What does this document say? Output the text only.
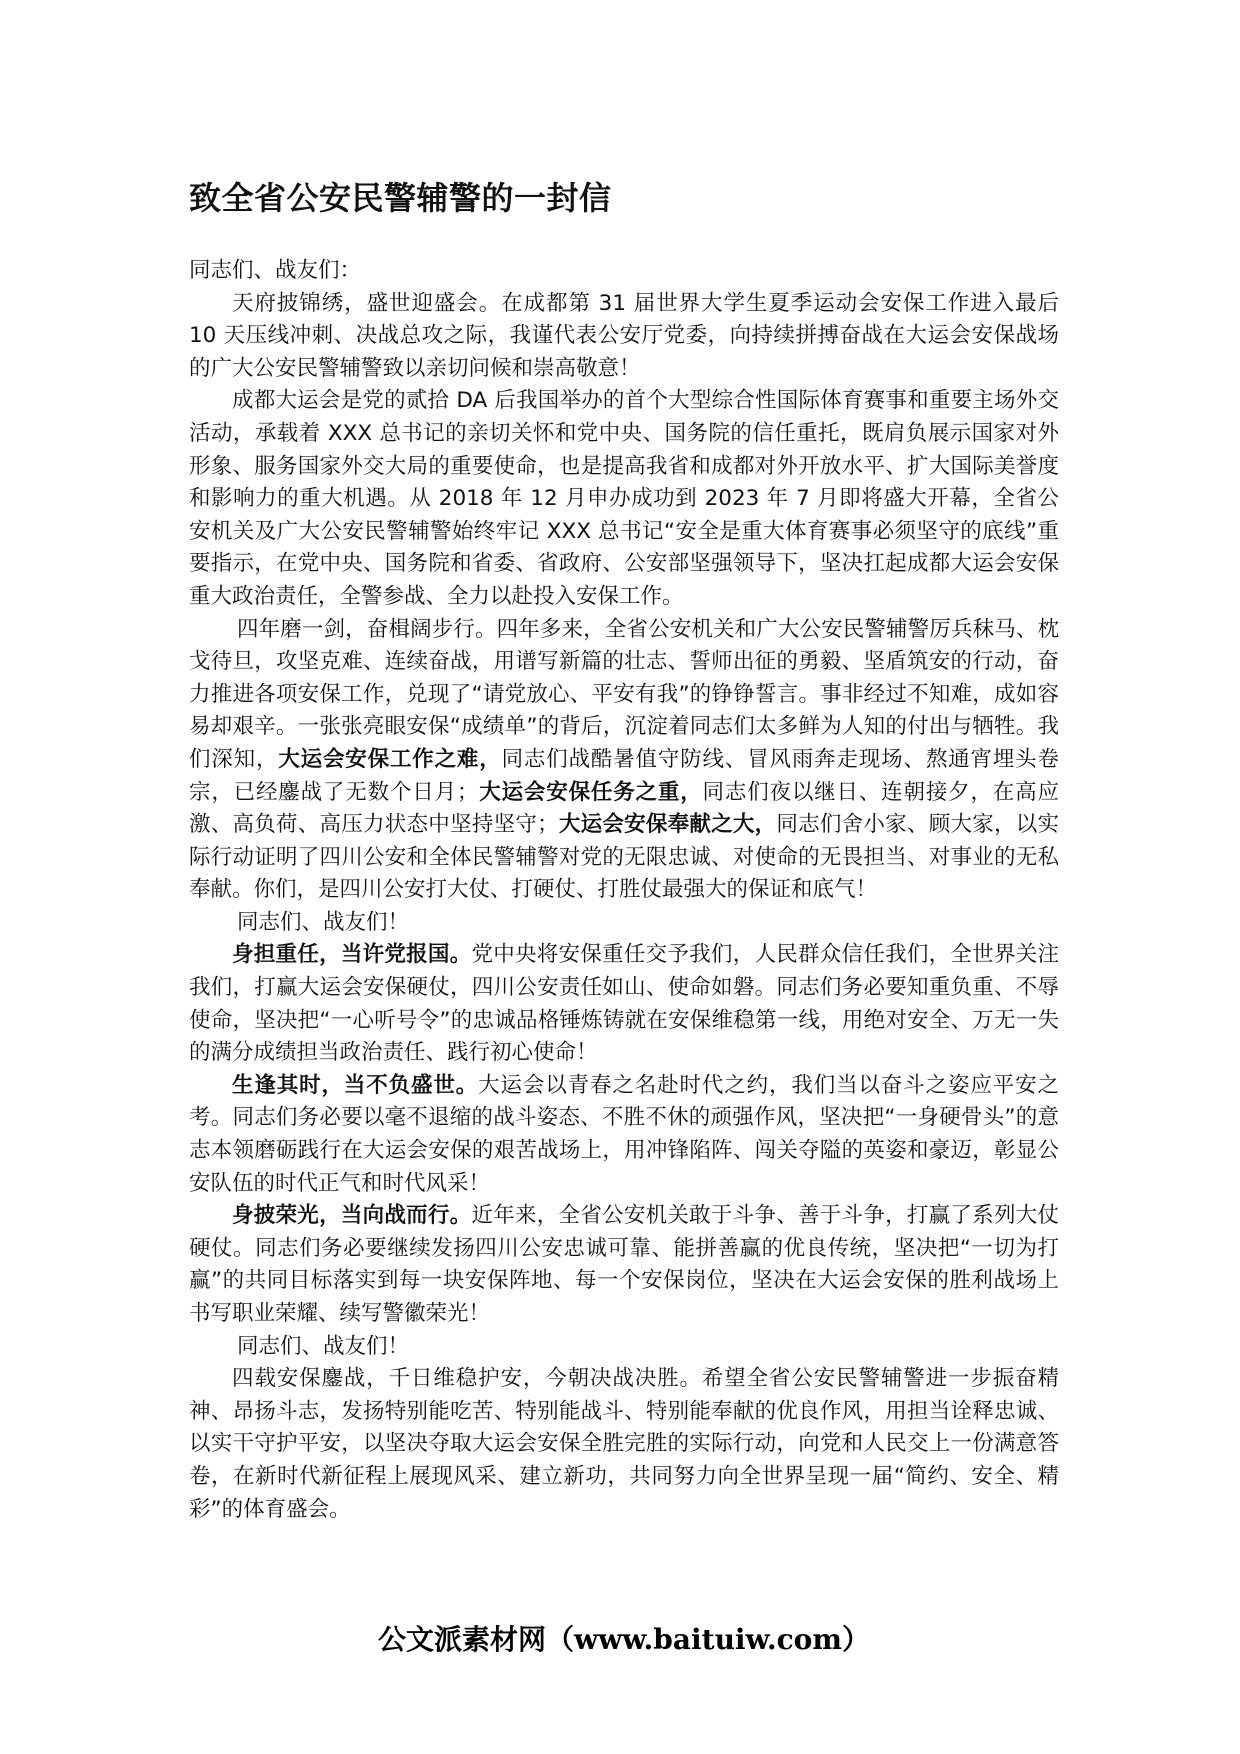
致全省公安民警辅警的一封信

同志们、战友们：

天府披锦绣，盛世迎盛会。在成都第 31 届世界大学生夏季运动会安保工作进入最后 10 天压线冲刺、决战总攻之际，我谨代表公安厅党委，向持续拼搏奋战在大运会安保战场的广大公安民警辅警致以亲切问候和崇高敬意！

成都大运会是党的贰拾 DA 后我国举办的首个大型综合性国际体育赛事和重要主场外交活动，承载着 XXX 总书记的亲切关怀和党中央、国务院的信任重托，既肩负展示国家对外形象、服务国家外交大局的重要使命，也是提高我省和成都对外开放水平、扩大国际美誉度和影响力的重大机遇。从 2018 年 12 月申办成功到 2023 年 7 月即将盛大开幕，全省公安机关及广大公安民警辅警始终牢记 XXX 总书记“安全是重大体育赛事必须坚守的底线”重要指示，在党中央、国务院和省委、省政府、公安部坚强领导下，坚决扛起成都大运会安保重大政治责任，全警参战、全力以赴投入安保工作。

四年磨一剑，奋楫阔步行。四年多来，全省公安机关和广大公安民警辅警厉兵秣马、枕戈待旦，攻坚克难、连续奋战，用谱写新篇的壮志、誓师出征的勇毅、坚盾筑安的行动，奋力推进各项安保工作，兑现了“请党放心、平安有我”的铮铮誓言。事非经过不知难，成如容易却艰辛。一张张亮眼安保“成绩单”的背后，沉淀着同志们太多鲜为人知的付出与牺牲。我们深知，大运会安保工作之难，同志们战酷暑值守防线、冒风雨奔走现场、熬通宵埋头卷宗，已经鏖战了无数个日月；大运会安保任务之重，同志们夜以继日、连朝接夕，在高应激、高负荷、高压力状态中坚持坚守；大运会安保奉献之大，同志们舍小家、顾大家，以实际行动证明了四川公安和全体民警辅警对党的无限忠诚、对使命的无畏担当、对事业的无私奉献。你们，是四川公安打大仗、打硬仗、打胜仗最强大的保证和底气！

同志们、战友们！

身担重任，当许党报国。党中央将安保重任交予我们，人民群众信任我们，全世界关注我们，打赢大运会安保硬仗，四川公安责任如山、使命如磐。同志们务必要知重负重、不辱使命，坚决把“一心听号令”的忠诚品格锤炼铸就在安保维稳第一线，用绝对安全、万无一失的满分成绩担当政治责任、践行初心使命！

生逢其时，当不负盛世。大运会以青春之名赴时代之约，我们当以奋斗之姿应平安之考。同志们务必要以毫不退缩的战斗姿态、不胜不休的顽强作风，坚决把“一身硬骨头”的意志本领磨砺践行在大运会安保的艰苦战场上，用冲锋陷阵、闯关夺隘的英姿和豪迈，彰显公安队伍的时代正气和时代风采！

身披荣光，当向战而行。近年来，全省公安机关敢于斗争、善于斗争，打赢了系列大仗硬仗。同志们务必要继续发扬四川公安忠诚可靠、能拼善赢的优良传统，坚决把“一切为打赢”的共同目标落实到每一块安保阵地、每一个安保岗位，坚决在大运会安保的胜利战场上书写职业荣耀、续写警徽荣光！

同志们、战友们！

四载安保鏖战，千日维稳护安，今朝决战决胜。希望全省公安民警辅警进一步振奋精神、昂扬斗志，发扬特别能吃苦、特别能战斗、特别能奉献的优良作风，用担当诠释忠诚、以实干守护平安，以坚决夺取大运会安保全胜完胜的实际行动，向党和人民交上一份满意答卷，在新时代新征程上展现风采、建立新功，共同努力向全世界呈现一届“简约、安全、精彩”的体育盛会。

公文派素材网（www.baituiw.com）
